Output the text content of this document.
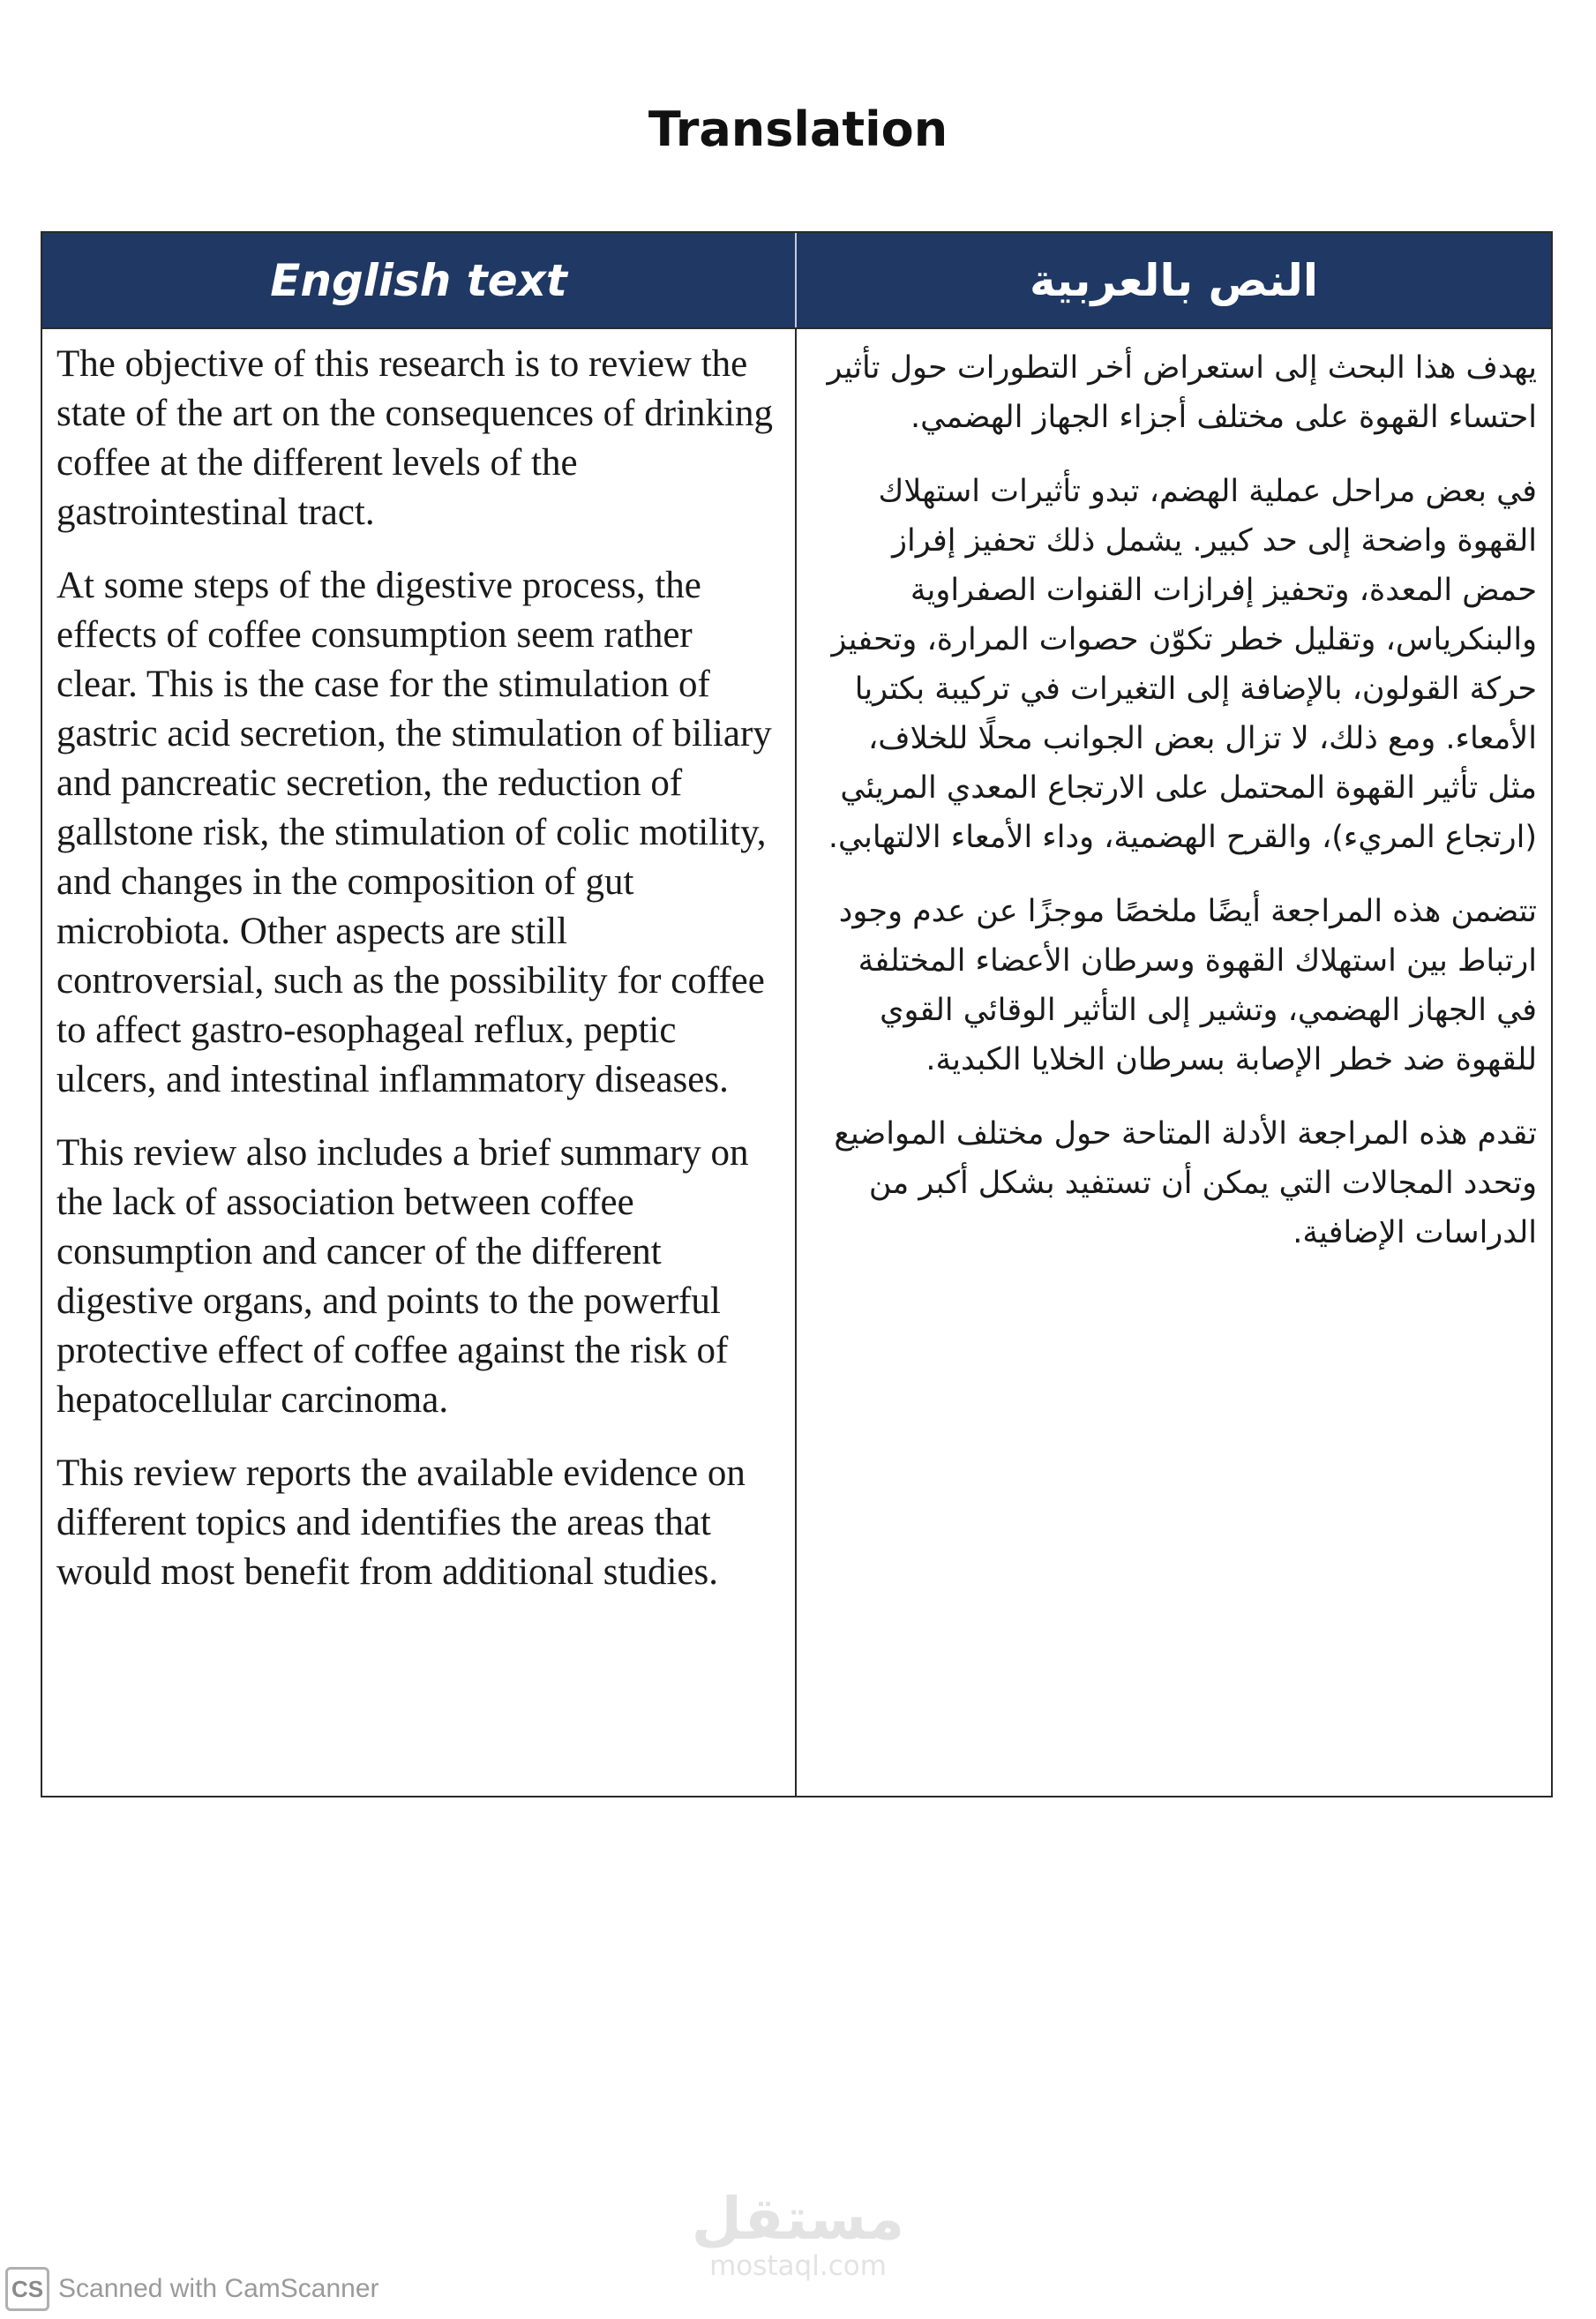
Translation
English text	النص بالعربية

The objective of this research is to review the state of the art on the consequences of drinking coffee at the different levels of the gastrointestinal tract.

At some steps of the digestive process, the effects of coffee consumption seem rather clear. This is the case for the stimulation of gastric acid secretion, the stimulation of biliary and pancreatic secretion, the reduction of gallstone risk, the stimulation of colic motility, and changes in the composition of gut microbiota. Other aspects are still controversial, such as the possibility for coffee to affect gastro-esophageal reflux, peptic ulcers, and intestinal inflammatory diseases.

This review also includes a brief summary on the lack of association between coffee consumption and cancer of the different digestive organs, and points to the powerful protective effect of coffee against the risk of hepatocellular carcinoma.

This review reports the available evidence on different topics and identifies the areas that would most benefit from additional studies.

يهدف هذا البحث إلى استعراض أخر التطورات حول تأثير احتساء القهوة على مختلف أجزاء الجهاز الهضمي.

في بعض مراحل عملية الهضم، تبدو تأثيرات استهلاك القهوة واضحة إلى حد كبير. يشمل ذلك تحفيز إفراز حمض المعدة، وتحفيز إفرازات القنوات الصفراوية والبنكرياس، وتقليل خطر تكوّن حصوات المرارة، وتحفيز حركة القولون، بالإضافة إلى التغيرات في تركيبة بكتريا الأمعاء. ومع ذلك، لا تزال بعض الجوانب محلًا للخلاف، مثل تأثير القهوة المحتمل على الارتجاع المعدي المريئي (ارتجاع المريء)، والقرح الهضمية، وداء الأمعاء الالتهابي.

تتضمن هذه المراجعة أيضًا ملخصًا موجزًا عن عدم وجود ارتباط بين استهلاك القهوة وسرطان الأعضاء المختلفة في الجهاز الهضمي، وتشير إلى التأثير الوقائي القوي للقهوة ضد خطر الإصابة بسرطان الخلايا الكبدية.

تقدم هذه المراجعة الأدلة المتاحة حول مختلف المواضيع وتحدد المجالات التي يمكن أن تستفيد بشكل أكبر من الدراسات الإضافية.

مستقل
mostaql.com
CS Scanned with CamScanner
